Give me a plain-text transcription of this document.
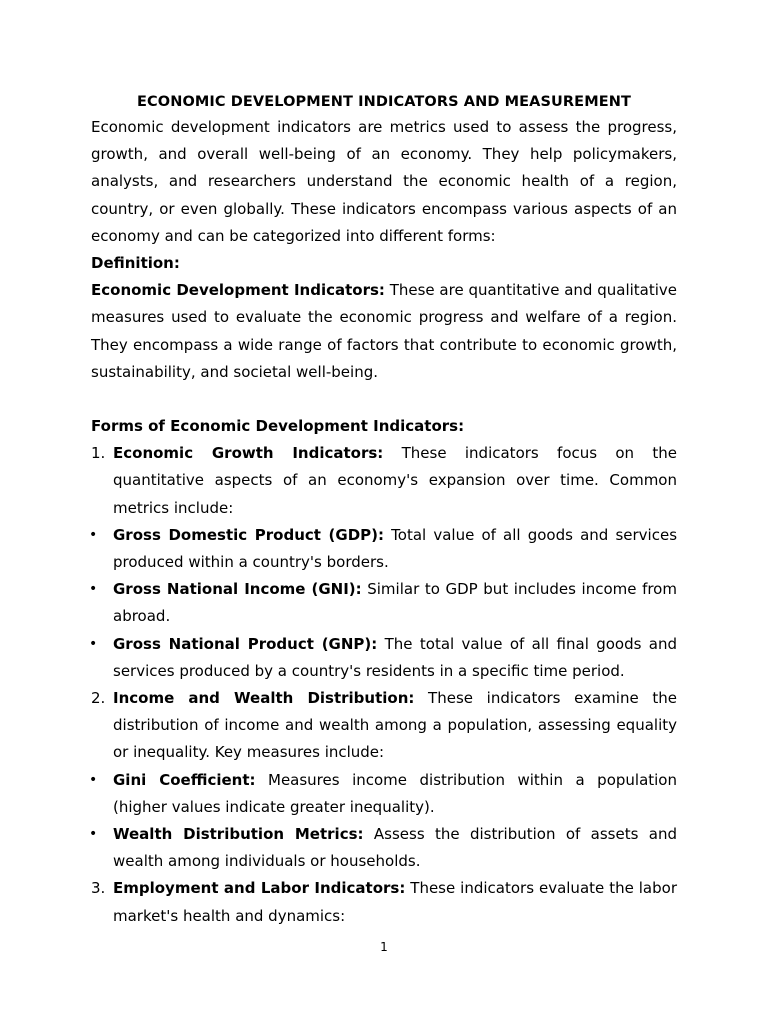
ECONOMIC DEVELOPMENT INDICATORS AND MEASUREMENT

Economic development indicators are metrics used to assess the progress, growth, and overall well-being of an economy. They help policymakers, analysts, and researchers understand the economic health of a region, country, or even globally. These indicators encompass various aspects of an economy and can be categorized into different forms:

Definition:

Economic Development Indicators: These are quantitative and qualitative measures used to evaluate the economic progress and welfare of a region. They encompass a wide range of factors that contribute to economic growth, sustainability, and societal well-being.

Forms of Economic Development Indicators:

1. Economic Growth Indicators: These indicators focus on the quantitative aspects of an economy's expansion over time. Common metrics include:
•	Gross Domestic Product (GDP): Total value of all goods and services produced within a country's borders.
•	Gross National Income (GNI): Similar to GDP but includes income from abroad.
•	Gross National Product (GNP): The total value of all final goods and services produced by a country's residents in a specific time period.
2. Income and Wealth Distribution: These indicators examine the distribution of income and wealth among a population, assessing equality or inequality. Key measures include:
•	Gini Coefficient: Measures income distribution within a population (higher values indicate greater inequality).
•	Wealth Distribution Metrics: Assess the distribution of assets and wealth among individuals or households.
3. Employment and Labor Indicators: These indicators evaluate the labor market's health and dynamics:
1
